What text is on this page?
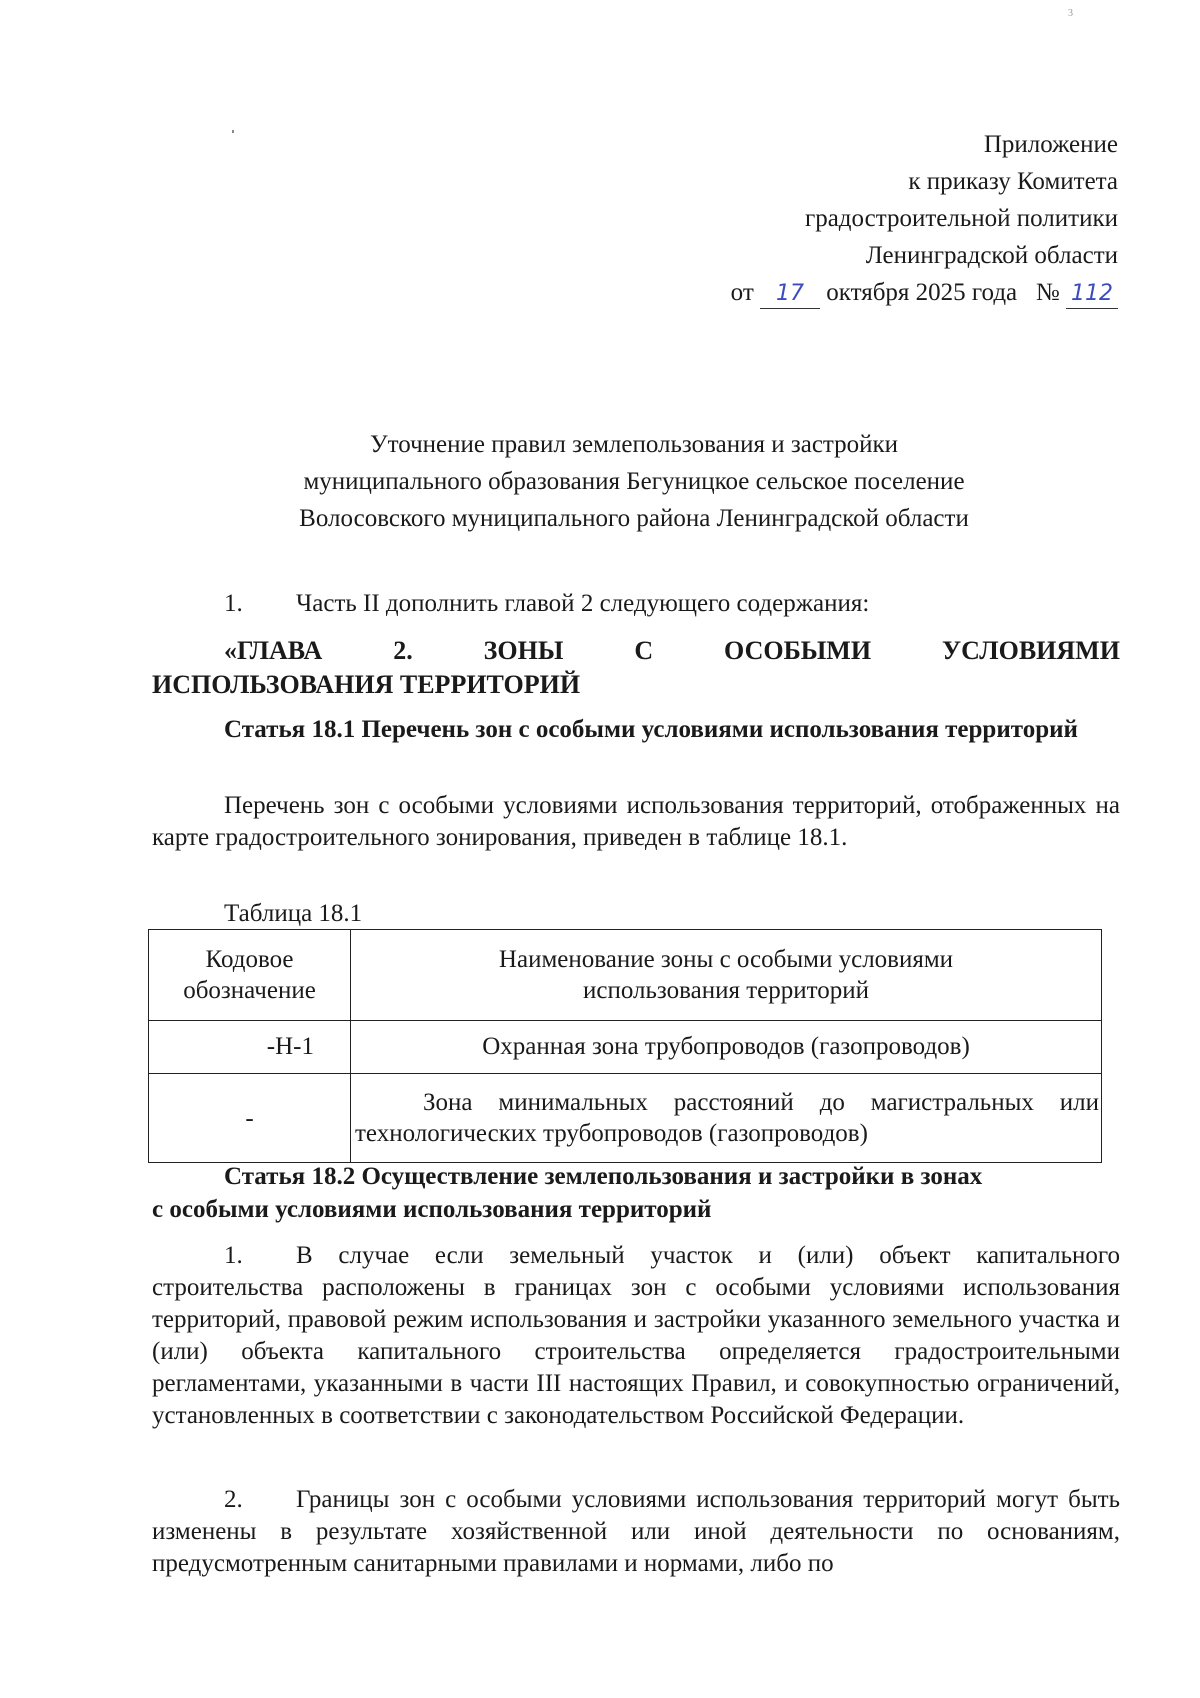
3
Приложение
к приказу Комитета
градостроительной политики
Ленинградской области
от 17 октября 2025 года № 112
Уточнение правил землепользования и застройки
муниципального образования Бегуницкое сельское поселение
Волосовского муниципального района Ленинградской области
1. Часть II дополнить главой 2 следующего содержания:
«ГЛАВА	2.	ЗОНЫ	С	ОСОБЫМИ	УСЛОВИЯМИ
ИСПОЛЬЗОВАНИЯ ТЕРРИТОРИЙ
Статья 18.1 Перечень зон с особыми условиями использования территорий
Перечень зон с особыми условиями использования территорий, отображенных на карте градостроительного зонирования, приведен в таблице 18.1.
Таблица 18.1
Кодовое обозначение	Наименование зоны с особыми условиями
использования территорий

-Н-1	Охранная зона трубопроводов (газопроводов)
-	Зона минимальных расстояний до магистральных или технологических трубопроводов (газопроводов)
Статья 18.2 Осуществление землепользования и застройки в зонах
с особыми условиями использования территорий
1. В случае если земельный участок и (или) объект капитального строительства расположены в границах зон с особыми условиями использования территорий, правовой режим использования и застройки указанного земельного участка и (или) объекта капитального строительства определяется градостроительными регламентами, указанными в части III настоящих Правил, и совокупностью ограничений, установленных в соответствии с законодательством Российской Федерации.
2. Границы зон с особыми условиями использования территорий могут быть изменены в результате хозяйственной или иной деятельности по основаниям, предусмотренным санитарными правилами и нормами, либо по
